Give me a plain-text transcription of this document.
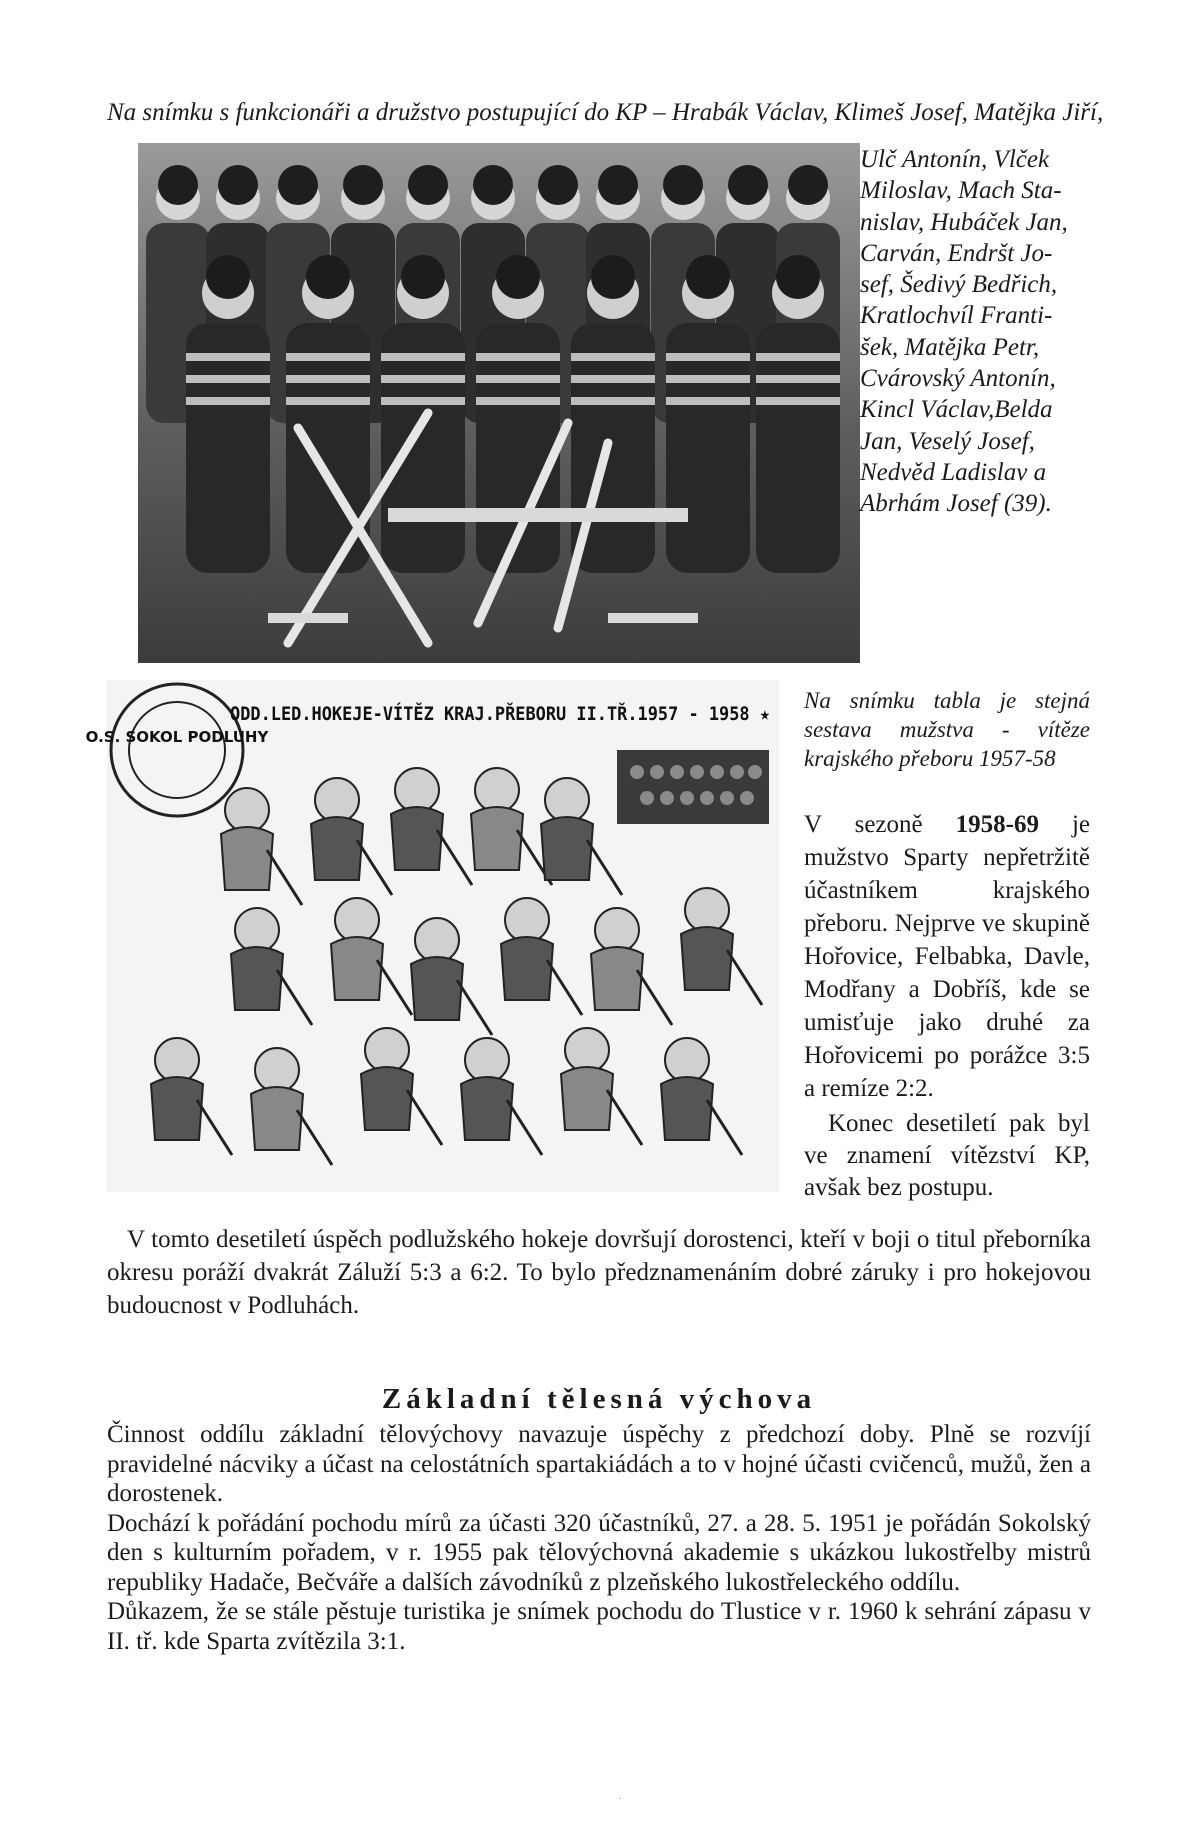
Na snímku s funkcionáři a družstvo postupující do KP – Hrabák Václav, Klimeš Josef, Matějka Jiří,

Ulč Antonín, Vlček
Miloslav, Mach Sta-
nislav, Hubáček Jan,
Carván, Endršt Jo-
sef, Šedivý Bedřich,
Kratlochvíl Franti-
šek, Matějka Petr,
Cvárovský Antonín,
Kincl Václav,Belda
Jan, Veselý Josef,
Nedvěd Ladislav a
Abrhám Josef (39).

O.S. SOKOL PODLUHY
ODD.LED.HOKEJE-VÍTĚZ KRAJ.PŘEBORU II.TŘ.1957 - 1958 ★

Na snímku tabla je stejná sestava mužstva - vítěze krajského přeboru 1957-58

V sezoně 1958-69 je mužstvo Sparty nepřetržitě účastníkem krajského přeboru. Nejprve ve skupině Hořovice, Felbabka, Davle, Modřany a Dobříš, kde se umisťuje jako druhé za Hořovicemi po porážce 3:5 a remíze 2:2.

Konec desetiletí pak byl ve znamení vítězství KP, avšak bez postupu.

V tomto desetiletí úspěch podlužského hokeje dovršují dorostenci, kteří v boji o titul přeborníka okresu poráží dvakrát Záluží 5:3 a 6:2. To bylo předznamenáním dobré záruky i pro hokejovou budoucnost v Podluhách.

Základní tělesná výchova
Činnost oddílu základní tělovýchovy navazuje úspěchy z předchozí doby. Plně se rozvíjí pravidelné nácviky a účast na celostátních spartakiádách a to v hojné účasti cvičenců, mužů, žen a dorostenek.
Dochází k pořádání pochodu mírů za účasti 320 účastníků, 27. a 28. 5. 1951 je pořádán Sokolský den s kulturním pořadem, v r. 1955 pak tělovýchovná akademie s ukázkou lukostřelby mistrů republiky Hadače, Bečváře a dalších závodníků z plzeňského lukostřeleckého oddílu.
Důkazem, že se stále pěstuje turistika je snímek pochodu do Tlustice v r. 1960 k sehrání zápasu v II. tř. kde Sparta zvítězila 3:1.
·
